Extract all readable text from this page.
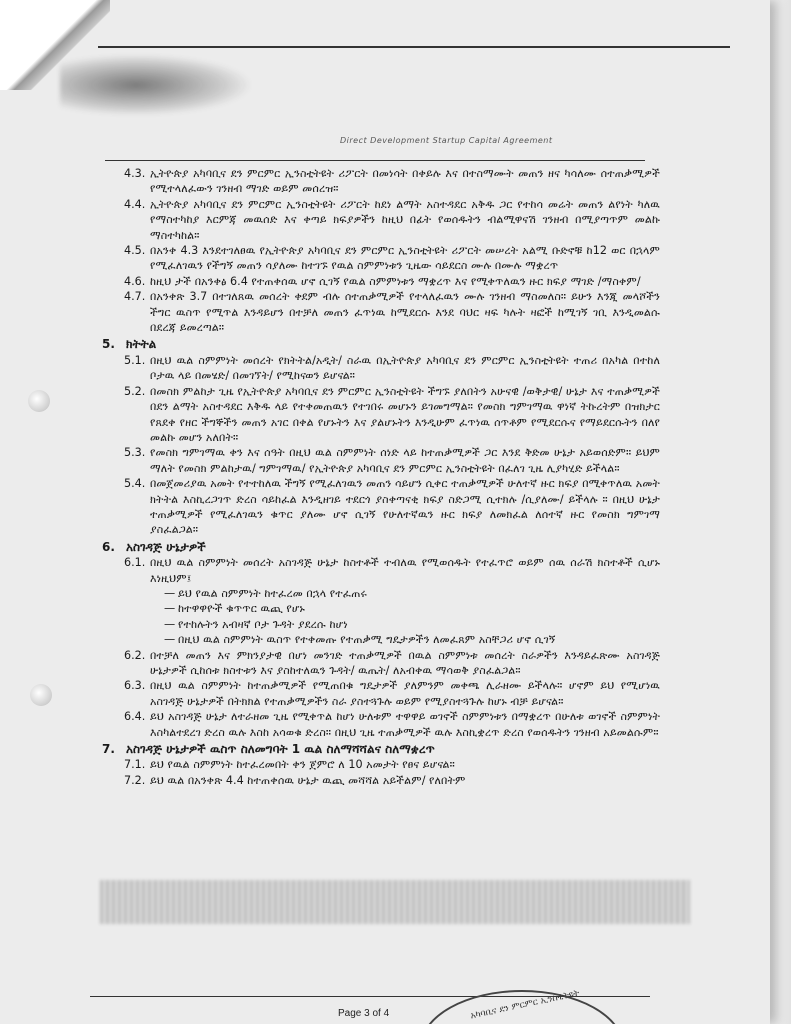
Direct Development Startup Capital Agreement
4.3. ኢትዮጵያ አካባቢና ደን ምርምር ኢንስቲትዩት ሪፖርት በመነሳት በቀይሉ እና በተስማሙት መጠን ዘና ካሳለሙ ሰተጠቃሚዎች የሚተላለፈውን ገንዘብ ማገድ ወይም መሰረዝ።
4.4. ኢትዮጵያ አካባቢና ደን ምርምር ኢንስቲትዩት ሪፖርት ከደነ ልማት አስተዳደር አቅዱ ጋር የተከሳ መሬት መጠን ልየነት ካለዉ የማስተካከያ እርምጃ መዉሰድ እና ቀጣይ ክፍያዎችን ከዚህ በፊት የወሰዱትን ብልሚዋናሽ ገንዘብ በሚያጣጥም መልኩ ማስተካከል።
4.5. በአንቀ 4.3 እንደተገለፀዉ የኢትዮጵያ አካባቢና ደን ምርምር ኢንስቲትዩት ሪፖርት መሠረት አልሚ ቡድኖቹ ከ12 ወር በኋላም የሚፈለገዉን የችግኝ መጠን ሳያለሙ ከተገኙ የዉል ስምምነቱን ጊዜው ሳይደርስ ሙሉ በሙሉ ማቋረጥ
4.6. ከዚህ ታች በአንቀፅ 6.4 የተጠቀሰዉ ሆኖ ሲገኝ የዉል ስምምነቱን ማቋረጥ እና የሚቀጥለዉን ዙር ክፍያ ማገድ /ማስቀም/
4.7. በአንቀጽ 3.7 በተገለጸዉ መሰረት ቀደም ብሉ ሰተጠቃሚዎች የተላለፈዉን ሙሉ ገንዘብ ማስመለስ። ይሁን እንጂ መላሾችን ችግር ዉስጥ የሚጥል እንዳይሆን በተቻለ መጠን ፈጥነዉ ከሚደርሱ እንደ ባህር ዛፍ ካሉት ዛፎች ከሚገኝ ገቢ እንዲመልሱ በደረጃ ይመረጣል።
5. ክትትል
5.1. በዚህ ዉል ስምምነት መሰረት የክትትል/አዲት/ ስራዉ በኢትዮጵያ አካባቢና ደን ምርምር ኢንስቲትዩት ተጠሪ በአካል በተከለ ቦታዉ ላይ በመሄድ/ በመገኘት/ የሚከናወን ይሆናል።
5.2. በመስክ ምልከታ ጊዜ የኢትዮጵያ አካባቢና ደን ምርምር ኢንስቲትዩት ችግኙ ያለበትን አሁናዊ /ወቅታዊ/ ሁኔታ እና ተጠቃሚዎች በደን ልማት አስተዳደር እቅዱ ላይ የተቀመጠዉን የተገበሩ መሆኑን ይገመግማል። የመስክ ግምገማዉ ዋነኛ ትኩረትም በዝክታር የጸደቀ የዘር ችግኞችን መጠን አገር በቀል የሆኑትን እና ያልሆኑትን እንዲሁም ፈጥነዉ ሰጥቶም የሚደርሱና የማይደርሱትን በለየ መልኩ መሆን አለበት።
5.3. የመስክ ግምገማዉ ቀን እና ሰዓት በዚህ ዉል ስምምነት ሰነድ ላይ ከተጠቃሚዎች ጋር እንደ ቅድመ ሁኔታ አይወሰድም። ይህም ማለት የመስክ ምልከታዉ/ ግምገማዉ/ የኢትዮጵያ አካባቢና ደን ምርምር ኢንስቲትዩት በፈለገ ጊዜ ሊያካሂድ ይችላል።
5.4. በመጀመሪያዉ አመት የተተከለዉ ችግኝ የሚፈለገዉን መጠን ሳይሆን ሲቀር ተጠቃሚዎች ሁለተኛ ዙር ክፍያ በሚቀጥለዉ አመት ክትትል እስኪረጋገጥ ድረስ ሳይከፈል እንዲዘገይ ተደርጎ ያስቀጣናቂ ክፍያ ስድጋሚ ሲተክሉ /ሲያለሙ/ ይችላሉ ። በዚህ ሁኔታ ተጠቃሚዎች የሚፈለገዉን ቁጥር ያለሙ ሆኖ ሲገኝ የሁለተኛዉን ዙር ክፍያ ለመክፈል ለሰተኛ ዙር የመስክ ግምገማ ያስፈልጋል።
6. አስገዳጅ ሁኔታዎች
6.1. በዚህ ዉል ስምምነት መሰረት አስገዳጅ ሁኔታ ከስተቶች ተብለዉ የሚወሰዱት የተፈጥሮ ወይም ሰዉ ሰራሽ ክስተቶች ሲሆኑ እነዚህም፤
— ይህ የዉል ስምምነት ከተፈረመ በኋላ የተፈጠሩ
— ከተዋዋዮች ቁጥጥር ዉጪ የሆኑ
— የተከሉትን አብዛኛ ቦታ ጉዳት ያደረሱ ከሆነ
— በዚህ ዉል ስምምነት ዉስጥ የተቀመጡ የተጠቃሚ ግዴታዎችን ለመፈጸም አስቸጋሪ ሆኖ ሲገኝ
6.2. በተቻለ መጠን እና ምክንያታዊ በሆነ መንገድ ተጠቃሚዎች በዉል ስምምነቱ መሰረት ስራዎችን እንዳይፈጽሙ አስገዳጅ ሁኔታዎች ሲከሰቱ ክስተቱን እና ያስከተለዉን ጉዳት/ ዉጤት/ ለአብቀዉ ማሳወቅ ያስፈልጋል።
6.3. በዚህ ዉል ስምምነት ከተጠቃሚዎች የሚጠበቁ ግዴታዎች ያለምንም መቀጫ ሊራዘሙ ይችላሉ። ሆኖም ይህ የሚሆነዉ አስገዳጅ ሁኔታዎች በትክክል የተጠቃሚዎችን ስራ ያስተጓጉሉ ወይም የሚያስተጓጉሉ ከሆኑ ብቻ ይሆናል።
6.4. ይህ አስገዳጅ ሁኔታ ለተራዘመ ጊዜ የሚቀጥል ከሆነ ሁለቱም ተዋዋይ ወገኖች ስምምነቱን በማቋረጥ በሁለቱ ወገኖች ስምምነት እስካልተደረገ ድረስ ዉሉ እስከ አሳወቁ ድረስ። በዚህ ጊዜ ተጠቃሚዎች ዉሉ እስኪቋረጥ ድረስ የወሰዱትን ገንዘብ አይመልሱም።
7. አስገዳጅ ሁኔታዎች ዉስጥ ስለመግባት 1 ዉል ስለማሻሻልና ስለማቋረጥ
7.1. ይህ የዉል ስምምነት ከተፈረመበት ቀን ጀምሮ ለ 10 አመታት የፀና ይሆናል።
7.2. ይህ ዉል በአንቀጽ 4.4 ከተጠቀሰዉ ሁኔታ ዉጪ መሻሻል አይችልም/ የለበትም
Page 3 of 4	አካባቢና ደን ምርምር ኢንስቲትዩት
